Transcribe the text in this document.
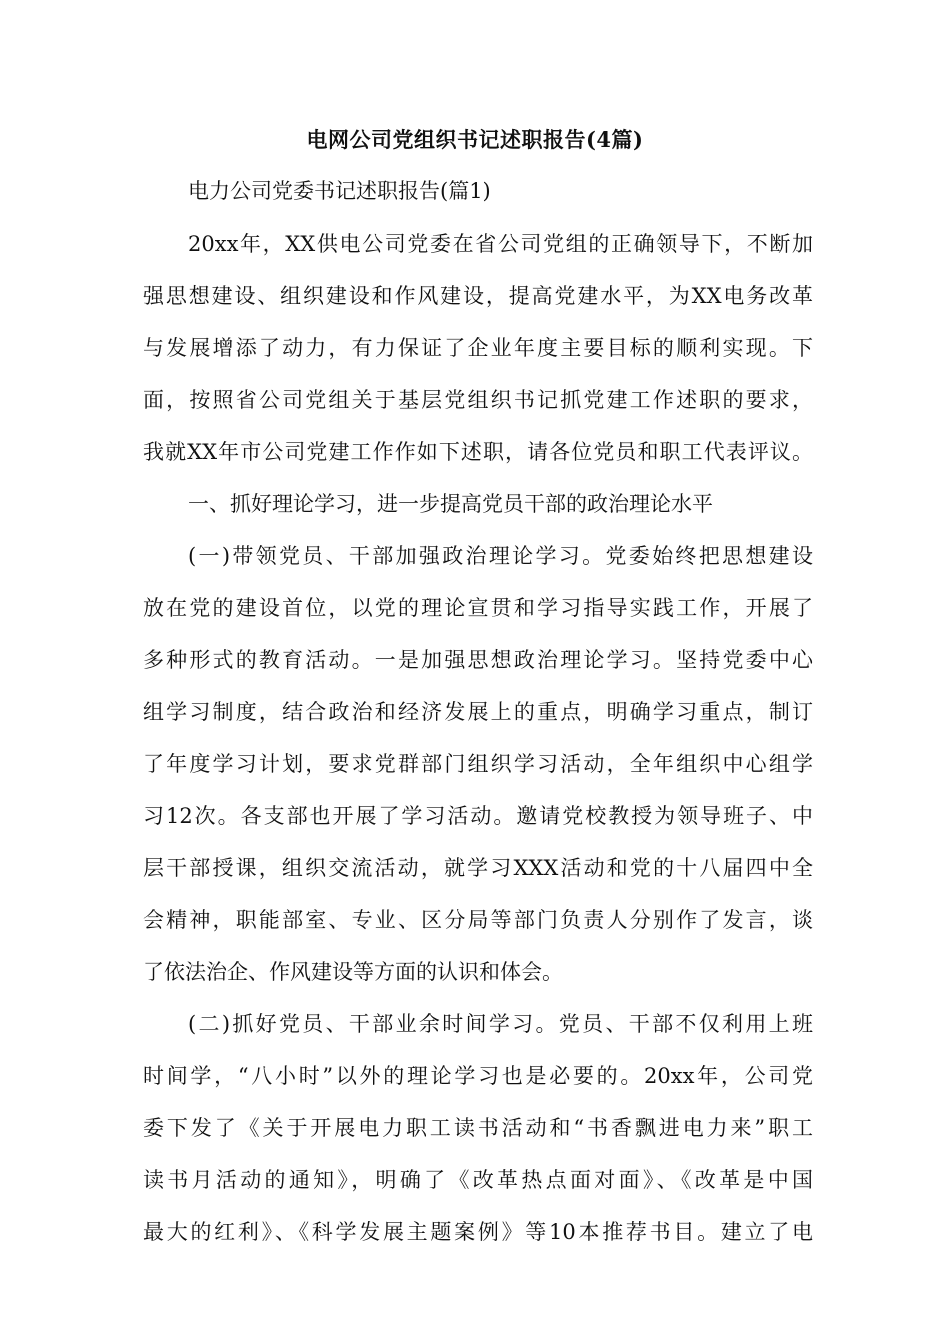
电网公司党组织书记述职报告(4篇)
电力公司党委书记述职报告(篇1)
20xx年，XX供电公司党委在省公司党组的正确领导下，不断加
强思想建设、组织建设和作风建设，提高党建水平，为XX电务改革
与发展增添了动力，有力保证了企业年度主要目标的顺利实现。下
面，按照省公司党组关于基层党组织书记抓党建工作述职的要求，
我就XX年市公司党建工作作如下述职，请各位党员和职工代表评议。
一、抓好理论学习，进一步提高党员干部的政治理论水平
(一)带领党员、干部加强政治理论学习。党委始终把思想建设
放在党的建设首位，以党的理论宣贯和学习指导实践工作，开展了
多种形式的教育活动。一是加强思想政治理论学习。坚持党委中心
组学习制度，结合政治和经济发展上的重点，明确学习重点，制订
了年度学习计划，要求党群部门组织学习活动，全年组织中心组学
习12次。各支部也开展了学习活动。邀请党校教授为领导班子、中
层干部授课，组织交流活动，就学习XXX活动和党的十八届四中全
会精神，职能部室、专业、区分局等部门负责人分别作了发言，谈
了依法治企、作风建设等方面的认识和体会。
(二)抓好党员、干部业余时间学习。党员、干部不仅利用上班
时间学，“八小时”以外的理论学习也是必要的。20xx年，公司党
委下发了《关于开展电力职工读书活动和“书香飘进电力来”职工
读书月活动的通知》，明确了《改革热点面对面》、《改革是中国
最大的红利》、《科学发展主题案例》等10本推荐书目。建立了电
